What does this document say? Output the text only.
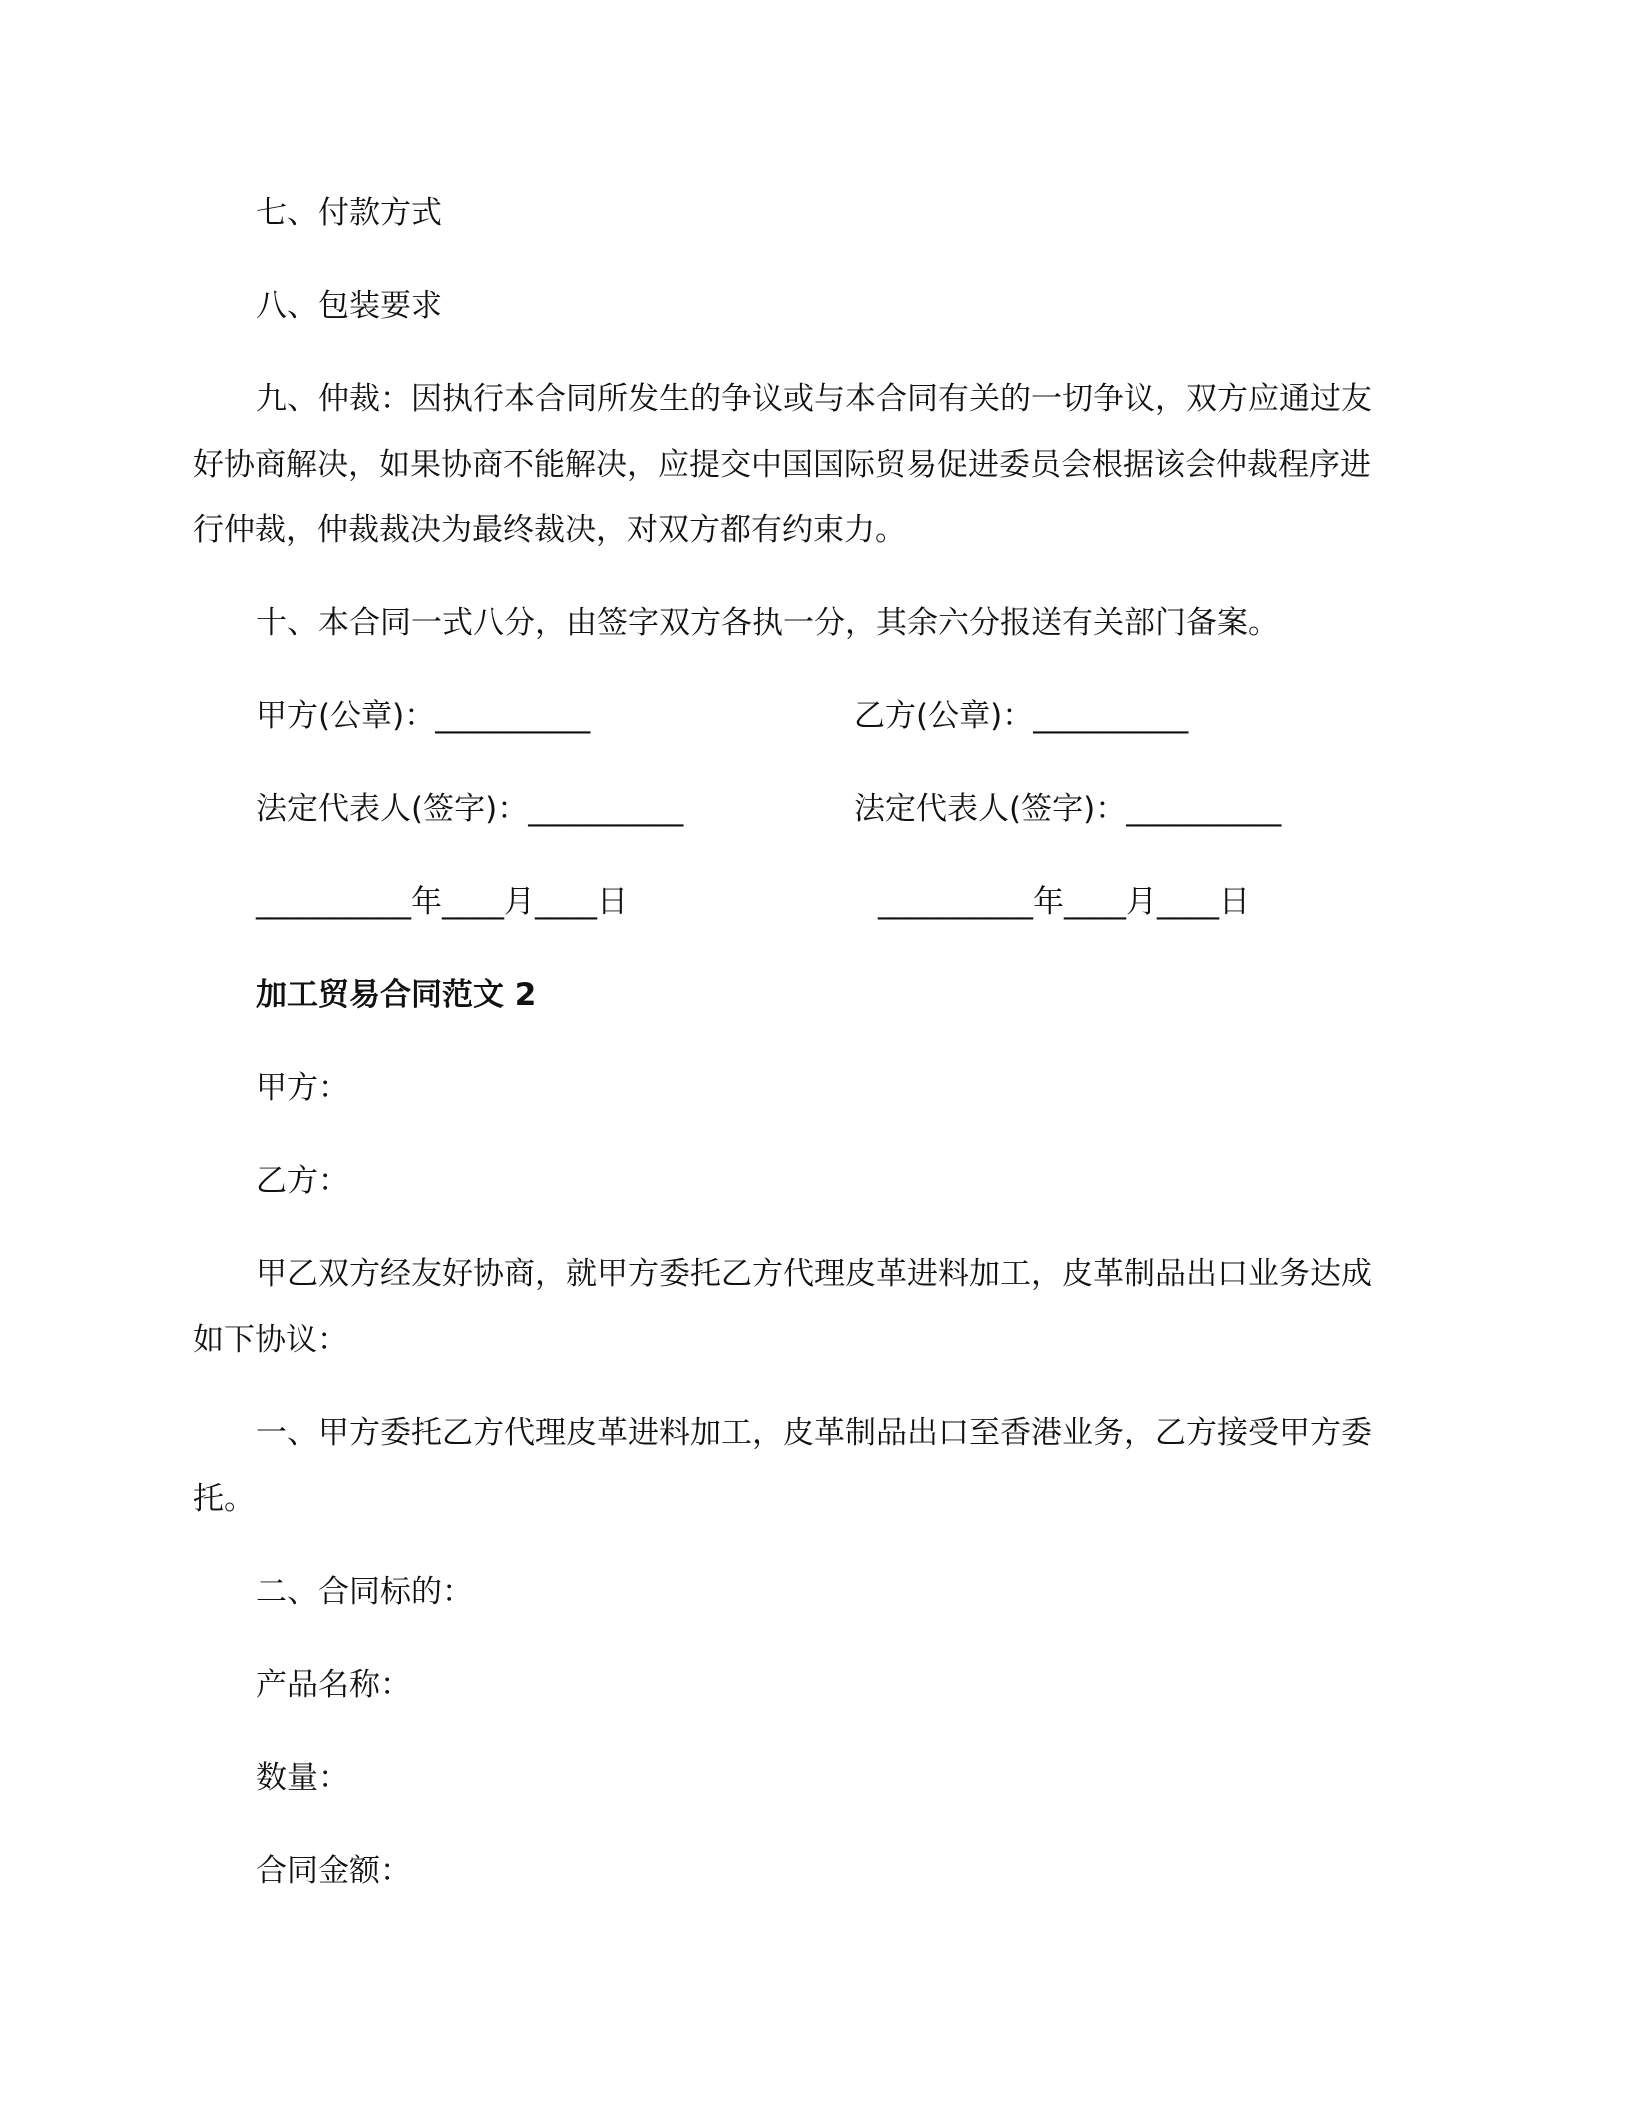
七、付款方式
八、包装要求
九、仲裁：因执行本合同所发生的争议或与本合同有关的一切争议，双方应通过友
好协商解决，如果协商不能解决，应提交中国国际贸易促进委员会根据该会仲裁程序进
行仲裁，仲裁裁决为最终裁决，对双方都有约束力。
十、本合同一式八分，由签字双方各执一分，其余六分报送有关部门备案。
甲方(公章)：__________	乙方(公章)：__________
法定代表人(签字)：__________	法定代表人(签字)：__________
__________年____月____日	__________年____月____日
加工贸易合同范文 2
甲方：
乙方：
甲乙双方经友好协商，就甲方委托乙方代理皮革进料加工，皮革制品出口业务达成
如下协议：
一、甲方委托乙方代理皮革进料加工，皮革制品出口至香港业务，乙方接受甲方委
托。
二、合同标的：
产品名称：
数量：
合同金额：
